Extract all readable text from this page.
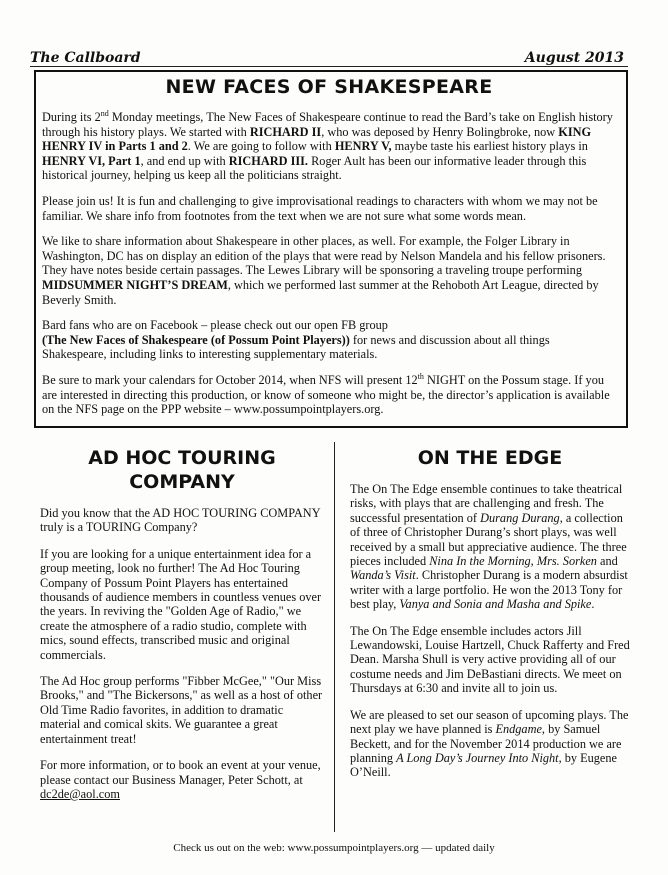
The Callboard	August 2013
NEW FACES OF SHAKESPEARE

During its 2nd Monday meetings, The New Faces of Shakespeare continue to read the Bard’s take on English history through his history plays. We started with RICHARD II, who was deposed by Henry Bolingbroke, now KING HENRY IV in Parts 1 and 2. We are going to follow with HENRY V, maybe taste his earliest history plays in HENRY VI, Part 1, and end up with RICHARD III. Roger Ault has been our informative leader through this historical journey, helping us keep all the politicians straight.

Please join us! It is fun and challenging to give improvisational readings to characters with whom we may not be familiar. We share info from footnotes from the text when we are not sure what some words mean.

We like to share information about Shakespeare in other places, as well. For example, the Folger Library in Washington, DC has on display an edition of the plays that were read by Nelson Mandela and his fellow prisoners. They have notes beside certain passages. The Lewes Library will be sponsoring a traveling troupe performing MIDSUMMER NIGHT’S DREAM, which we performed last summer at the Rehoboth Art League, directed by Beverly Smith.

Bard fans who are on Facebook – please check out our open FB group
(The New Faces of Shakespeare (of Possum Point Players)) for news and discussion about all things Shakespeare, including links to interesting supplementary materials.

Be sure to mark your calendars for October 2014, when NFS will present 12th NIGHT on the Possum stage. If you are interested in directing this production, or know of someone who might be, the director’s application is available on the NFS page on the PPP website – www.possumpointplayers.org.

AD HOC TOURING
COMPANY

Did you know that the AD HOC TOURING COMPANY truly is a TOURING Company?

If you are looking for a unique entertainment idea for a group meeting, look no further! The Ad Hoc Touring Company of Possum Point Players has entertained thousands of audience members in countless venues over the years. In reviving the "Golden Age of Radio," we create the atmosphere of a radio studio, complete with mics, sound effects, transcribed music and original commercials.

The Ad Hoc group performs "Fibber McGee," "Our Miss Brooks," and "The Bickersons," as well as a host of other Old Time Radio favorites, in addition to dramatic material and comical skits. We guarantee a great entertainment treat!

For more information, or to book an event at your venue, please contact our Business Manager, Peter Schott, at dc2de@aol.com

ON THE EDGE

The On The Edge ensemble continues to take theatrical risks, with plays that are challenging and fresh. The successful presentation of Durang Durang, a collection of three of Christopher Durang’s short plays, was well received by a small but appreciative audience. The three pieces included Nina In the Morning, Mrs. Sorken and Wanda’s Visit. Christopher Durang is a modern absurdist writer with a large portfolio. He won the 2013 Tony for best play, Vanya and Sonia and Masha and Spike.

The On The Edge ensemble includes actors Jill Lewandowski, Louise Hartzell, Chuck Rafferty and Fred Dean. Marsha Shull is very active providing all of our costume needs and Jim DeBastiani directs. We meet on Thursdays at 6:30 and invite all to join us.

We are pleased to set our season of upcoming plays. The next play we have planned is Endgame, by Samuel Beckett, and for the November 2014 production we are planning A Long Day’s Journey Into Night, by Eugene O’Neill.

Check us out on the web: www.possumpointplayers.org — updated daily
